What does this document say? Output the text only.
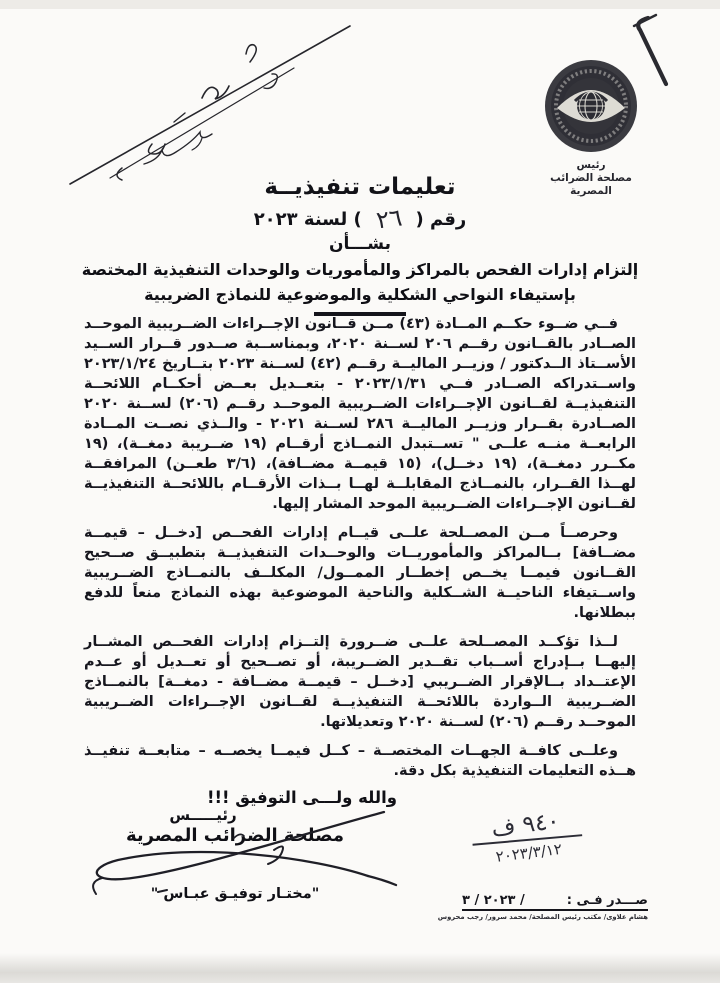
رئيس
مصلحة الضرائب المصرية
تعليمات تنفيذيــة
رقم (٢٦) لسنة ٢٠٢٣
بشـــأن
إلتزام إدارات الفحص بالمراكز والمأموريات والوحدات التنفيذية المختصة
بإستيفاء النواحي الشكلية والموضوعية للنماذج الضريبية

فــي ضــوء حكــم المــادة (٤٣) مــن قــانون الإجــراءات الضــريبية الموحــد الصــادر بالقــانون رقــم ٢٠٦ لســنة ٢٠٢٠، وبمناســبة صــدور قــرار الســيد الأســتاذ الــدكتور / وزيــر الماليــة رقــم (٤٢) لســنة ٢٠٢٣ بتــاريخ ٢٠٢٣/١/٢٤ واســتدراكه الصــادر فــي ٢٠٢٣/١/٣١ - بتعــديل بعــض أحكــام اللائحــة التنفيذيــة لقــانون الإجــراءات الضــريبية الموحــد رقــم (٢٠٦) لســنة ٢٠٢٠ الصــادرة بقــرار وزيــر الماليــة ٢٨٦ لســنة ٢٠٢١ - والــذي نصــت المــادة الرابعــة منــه علــى " تســتبدل النمــاذج أرقــام (١٩ ضــريبة دمغــة)، (١٩ مكــرر دمغــة)، (١٩ دخــل)، (١٥ قيمــة مضــافة)، (٣/٦ طعــن) المرافقــة لهــذا القــرار، بالنمــاذج المقابلــة لهــا بــذات الأرقــام باللائحــة التنفيذيــة لقــانون الإجــراءات الضــريبية الموحد المشار إليها.

وحرصــاً مــن المصــلحة علــى قيــام إدارات الفحــص [دخــل – قيمــة مضــافة] بــالمراكز والمأموريــات والوحــدات التنفيذيــة بتطبيــق صــحيح القــانون فيمــا يخــص إخطــار الممــول/ المكلــف بالنمــاذج الضــريبية واســتيفاء الناحيــة الشــكلية والناحية الموضوعية بهذه النماذج منعاً للدفع ببطلانها.

لــذا تؤكــد المصــلحة علــى ضــرورة إلتــزام إدارات الفحــص المشــار إليهــا بــإدراج أســباب تقــدير الضــريبة، أو تصــحيح أو تعــديل أو عــدم الإعتــداد بــالإقرار الضــريبي [دخــل – قيمــة مضــافة - دمغــة] بالنمــاذج الضــريبية الــواردة باللائحــة التنفيذيــة لقــانون الإجــراءات الضــريبية الموحــد رقــم (٢٠٦) لســنة ٢٠٢٠ وتعديلاتها.

وعلــى كافــة الجهــات المختصــة – كــل فيمــا يخصــه – متابعــة تنفيــذ هــذه التعليمات التنفيذية بكل دقة.

والله ولـــى التوفيق !!!
رئيـــــس
مصلحة الضرائب المصرية
"مختـار توفيـق عبـاس "
٩٤٠ ف
٢٠٢٣/٣/١٢
صـــدر فـى :
٢٠٢٣ / ٣ /
هشام علاوى/ مكتب رئيس المصلحة/ محمد سرور/ رجب محروس
